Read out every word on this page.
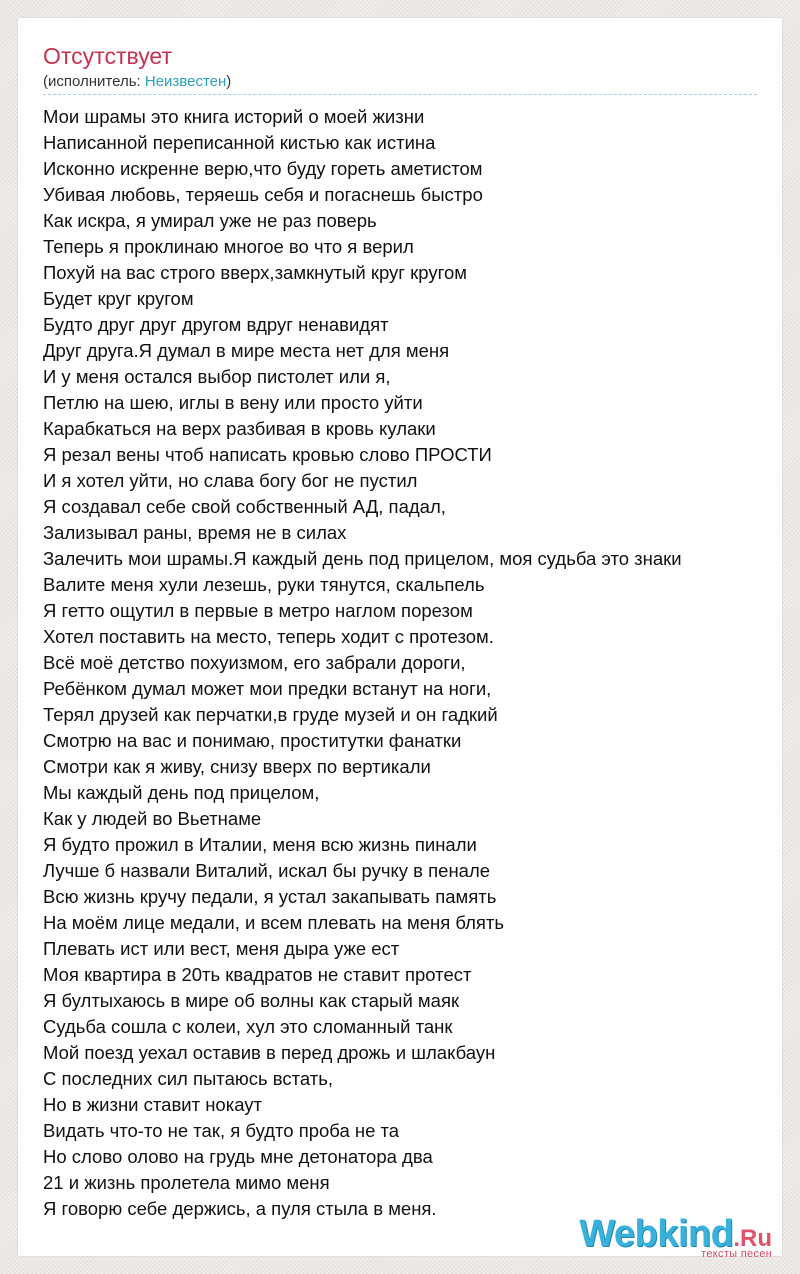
Отсутствует
(исполнитель: Неизвестен)
Мои шрамы это книга историй о моей жизни
Написанной переписанной кистью как истина
Исконно искренне верю,что буду гореть аметистом
Убивая любовь, теряешь себя и погаснешь быстро
Как искра, я умирал уже не раз поверь
Теперь я проклинаю многое во что я верил
Похуй на вас строго вверх,замкнутый круг кругом
Будет круг кругом
Будто друг друг другом вдруг ненавидят
Друг друга.Я думал в мире места нет для меня
И у меня остался выбор пистолет или я,
Петлю на шею, иглы в вену или просто уйти
Карабкаться на верх разбивая в кровь кулаки
Я резал вены чтоб написать кровью слово ПРОСТИ
И я хотел уйти, но слава богу бог не пустил
Я создавал себе свой собственный АД, падал,
Зализывал раны, время не в силах
Залечить мои шрамы.Я каждый день под прицелом, моя судьба это знаки
Валите меня хули лезешь, руки тянутся, скальпель
Я гетто ощутил в первые в метро наглом порезом
Хотел поставить на место, теперь ходит с протезом.
Всё моё детство похуизмом, его забрали дороги,
Ребёнком думал может мои предки встанут на ноги,
Терял друзей как перчатки,в груде музей и он гадкий
Смотрю на вас и понимаю, проститутки фанатки
Смотри как я живу, снизу вверх по вертикали
Мы каждый день под прицелом,
Как у людей во Вьетнаме
Я будто прожил в Италии, меня всю жизнь пинали
Лучше б назвали Виталий, искал бы ручку в пенале
Всю жизнь кручу педали, я устал закапывать память
На моём лице медали, и всем плевать на меня блять
Плевать ист или вест, меня дыра уже ест
Моя квартира в 20ть квадратов не ставит протест
Я бултыхаюсь в мире об волны как старый маяк
Судьба сошла с колеи, хул это сломанный танк
Мой поезд уехал оставив в перед дрожь и шлакбаун
С последних сил пытаюсь встать,
Но в жизни ставит нокаут
Видать что-то не так, я будто проба не та
Но слово олово на грудь мне детонатора два
21 и жизнь пролетела мимо меня
Я говорю себе держись, а пуля стыла в меня.
Webkind.Ru
тексты песен
